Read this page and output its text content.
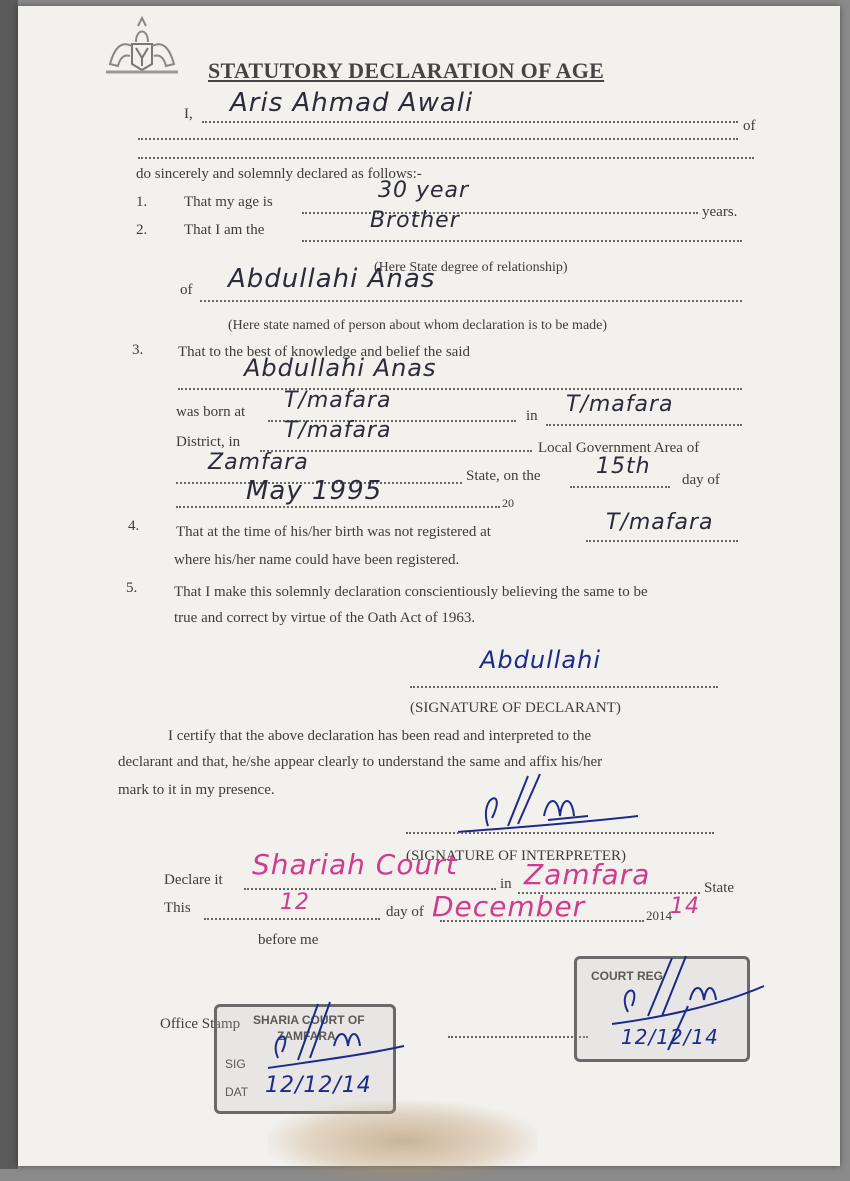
STATUTORY DECLARATION OF AGE
I, Aris Ahmad Awali
of
do sincerely and solemnly declared as follows:-
1. That my age is	30 year
years.
2. That I am the	Brother
(Here State degree of relationship)
of Abdullahi Anas
(Here state named of person about whom declaration is to be made)
3. That to the best of knowledge and belief the said
Abdullahi Anas
was born at T/mafara
in T/mafara
District, in T/mafara
Local Government Area of
Zamfara
State, on the	15th
day of
May 1995	20
4. That at the time of his/her birth was not registered at	T/mafara
where his/her name could have been registered.
5. That I make this solemnly declaration conscientiously believing the same to be
true and correct by virtue of the Oath Act of 1963.
Abdullahi
(SIGNATURE OF DECLARANT)
I certify that the above declaration has been read and interpreted to the
declarant and that, he/she appear clearly to understand the same and affix his/her
mark to it in my presence.
(SIGNATURE OF INTERPRETER)
Declare it Shariah Court
in Zamfara	State
This	12	day of December	2014
14
before me
Office Stamp SHARIA COURT OF
ZAMFARA
SIG
DAT 12/12/14
COURT REG
12/12/14
